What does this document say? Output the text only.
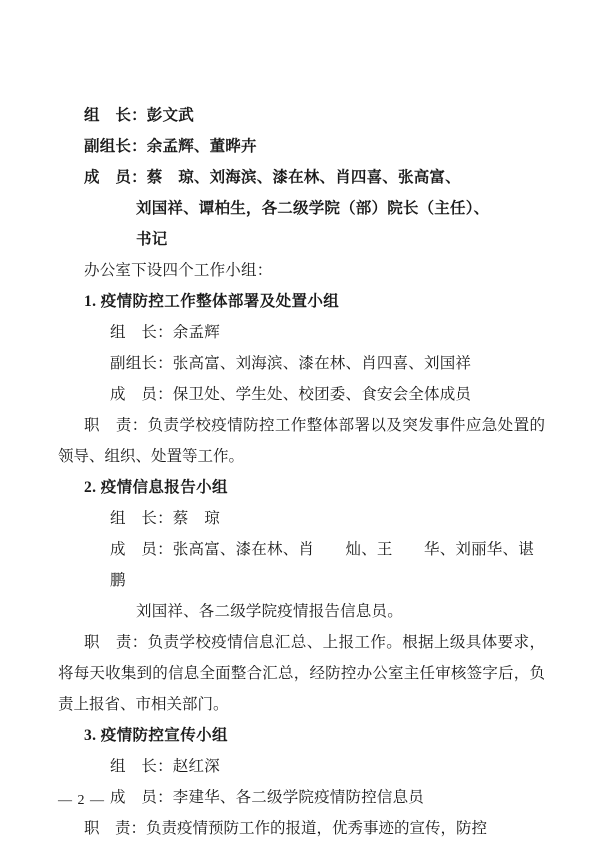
组　长：彭文武
副组长：余孟辉、董晔卉
成　员：蔡　琼、刘海滨、漆在林、肖四喜、张高富、
刘国祥、谭柏生，各二级学院（部）院长（主任）、
书记
办公室下设四个工作小组：
1. 疫情防控工作整体部署及处置小组
组　长：余孟辉
副组长：张高富、刘海滨、漆在林、肖四喜、刘国祥
成　员：保卫处、学生处、校团委、食安会全体成员
职　责：负责学校疫情防控工作整体部署以及突发事件应急处置的领导、组织、处置等工作。
2. 疫情信息报告小组
组　长：蔡　琼
成　员：张高富、漆在林、肖　　灿、王　　华、刘丽华、谌鹏
刘国祥、各二级学院疫情报告信息员。
职　责：负责学校疫情信息汇总、上报工作。根据上级具体要求，将每天收集到的信息全面整合汇总，经防控办公室主任审核签字后，负责上报省、市相关部门。
3. 疫情防控宣传小组
组　长：赵红深
成　员：李建华、各二级学院疫情防控信息员
职　责：负责疫情预防工作的报道，优秀事迹的宣传，防控
— 2 —
